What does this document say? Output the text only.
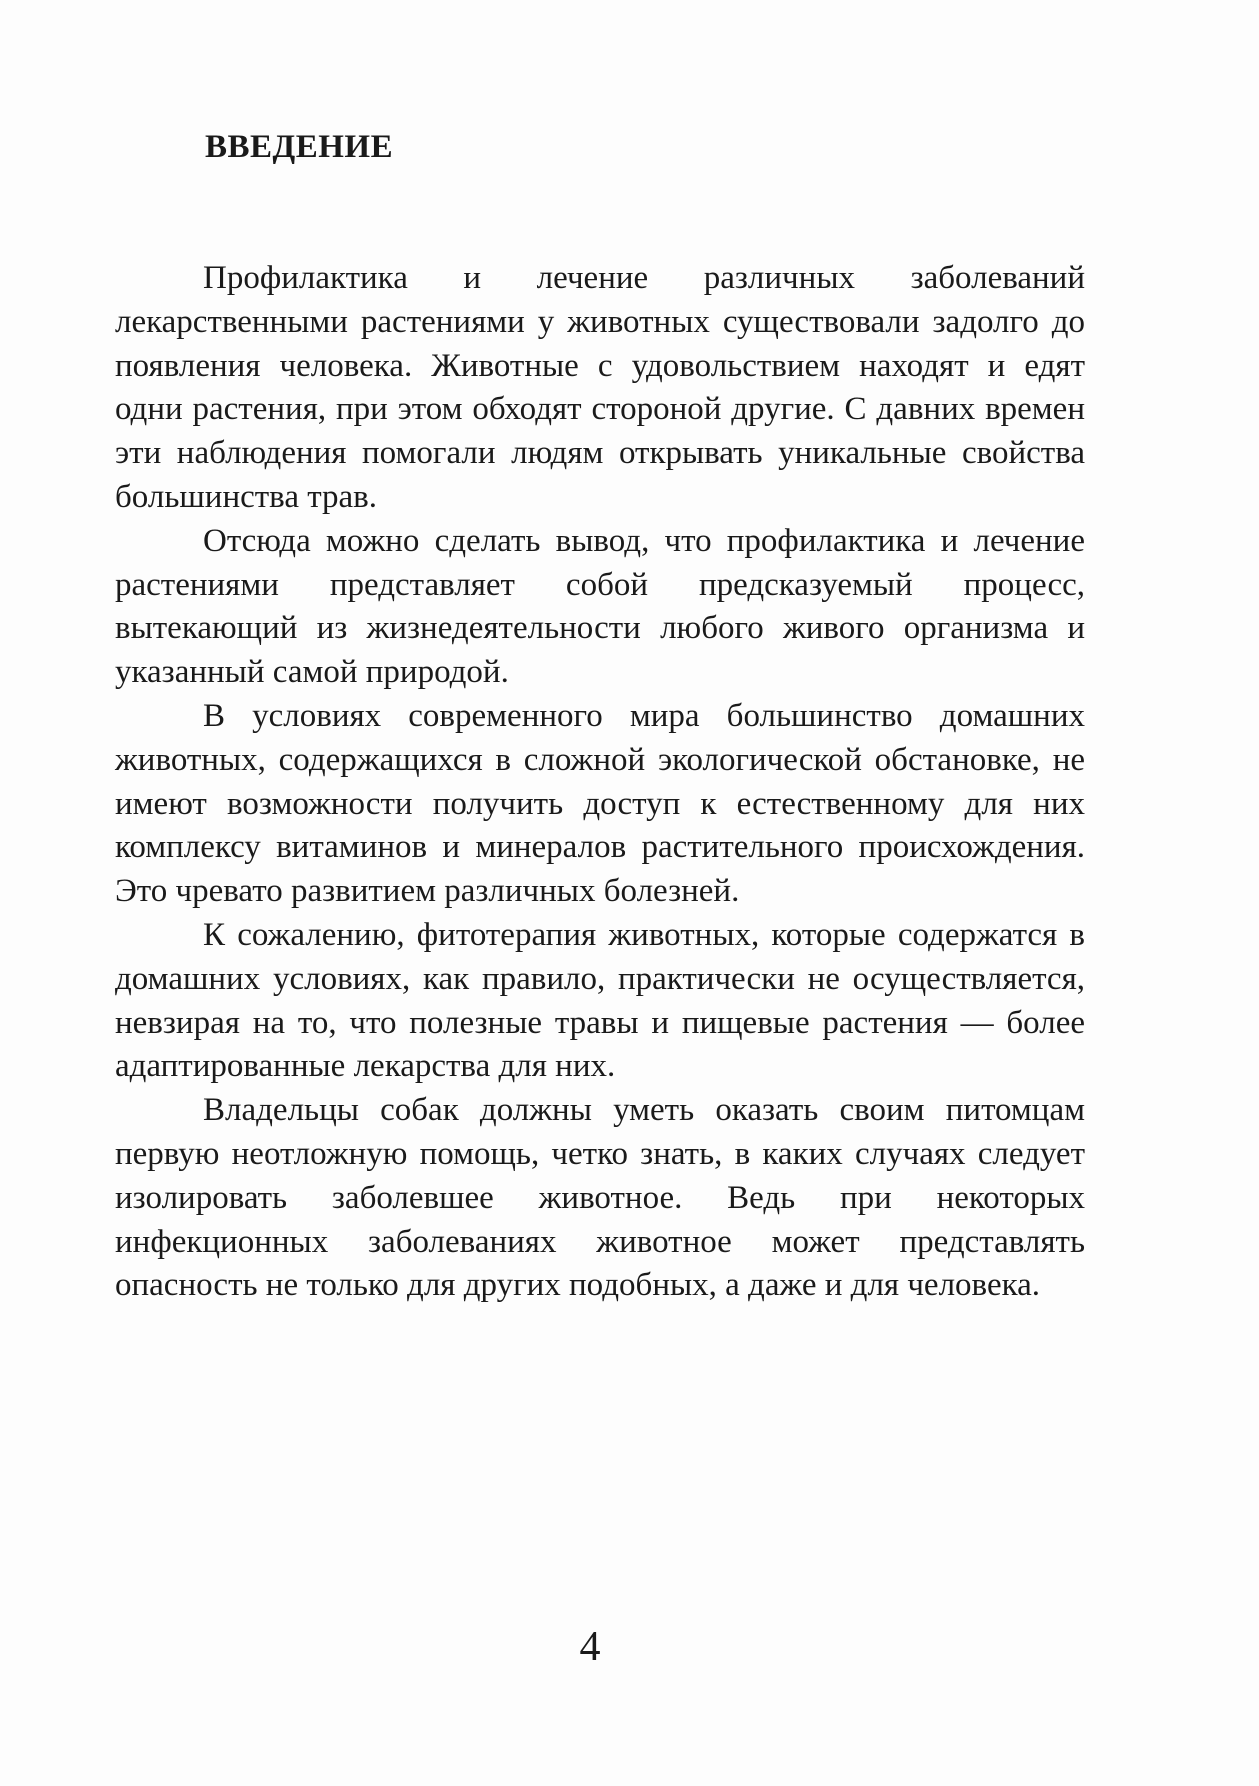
ВВЕДЕНИЕ

Профилактика и лечение различных заболеваний лекарственными растениями у животных существовали задолго до появления человека. Животные с удовольствием находят и едят одни растения, при этом обходят стороной другие. С давних времен эти наблюдения помогали людям открывать уникальные свойства большинства трав.

Отсюда можно сделать вывод, что профилактика и лечение растениями представляет собой предсказуемый процесс, вытекающий из жизнедеятельности любого живого организма и указанный самой природой.

В условиях современного мира большинство домашних животных, содержащихся в сложной экологической обстановке, не имеют возможности получить доступ к естественному для них комплексу витаминов и минералов растительного происхождения. Это чревато развитием различных болезней.

К сожалению, фитотерапия животных, которые содержатся в домашних условиях, как правило, практически не осуществляется, невзирая на то, что полезные травы и пищевые растения — более адаптированные лекарства для них.

Владельцы собак должны уметь оказать своим питомцам первую неотложную помощь, четко знать, в каких случаях следует изолировать заболевшее животное. Ведь при некоторых инфекционных заболеваниях животное может представлять опасность не только для других подобных, а даже и для человека.

4
